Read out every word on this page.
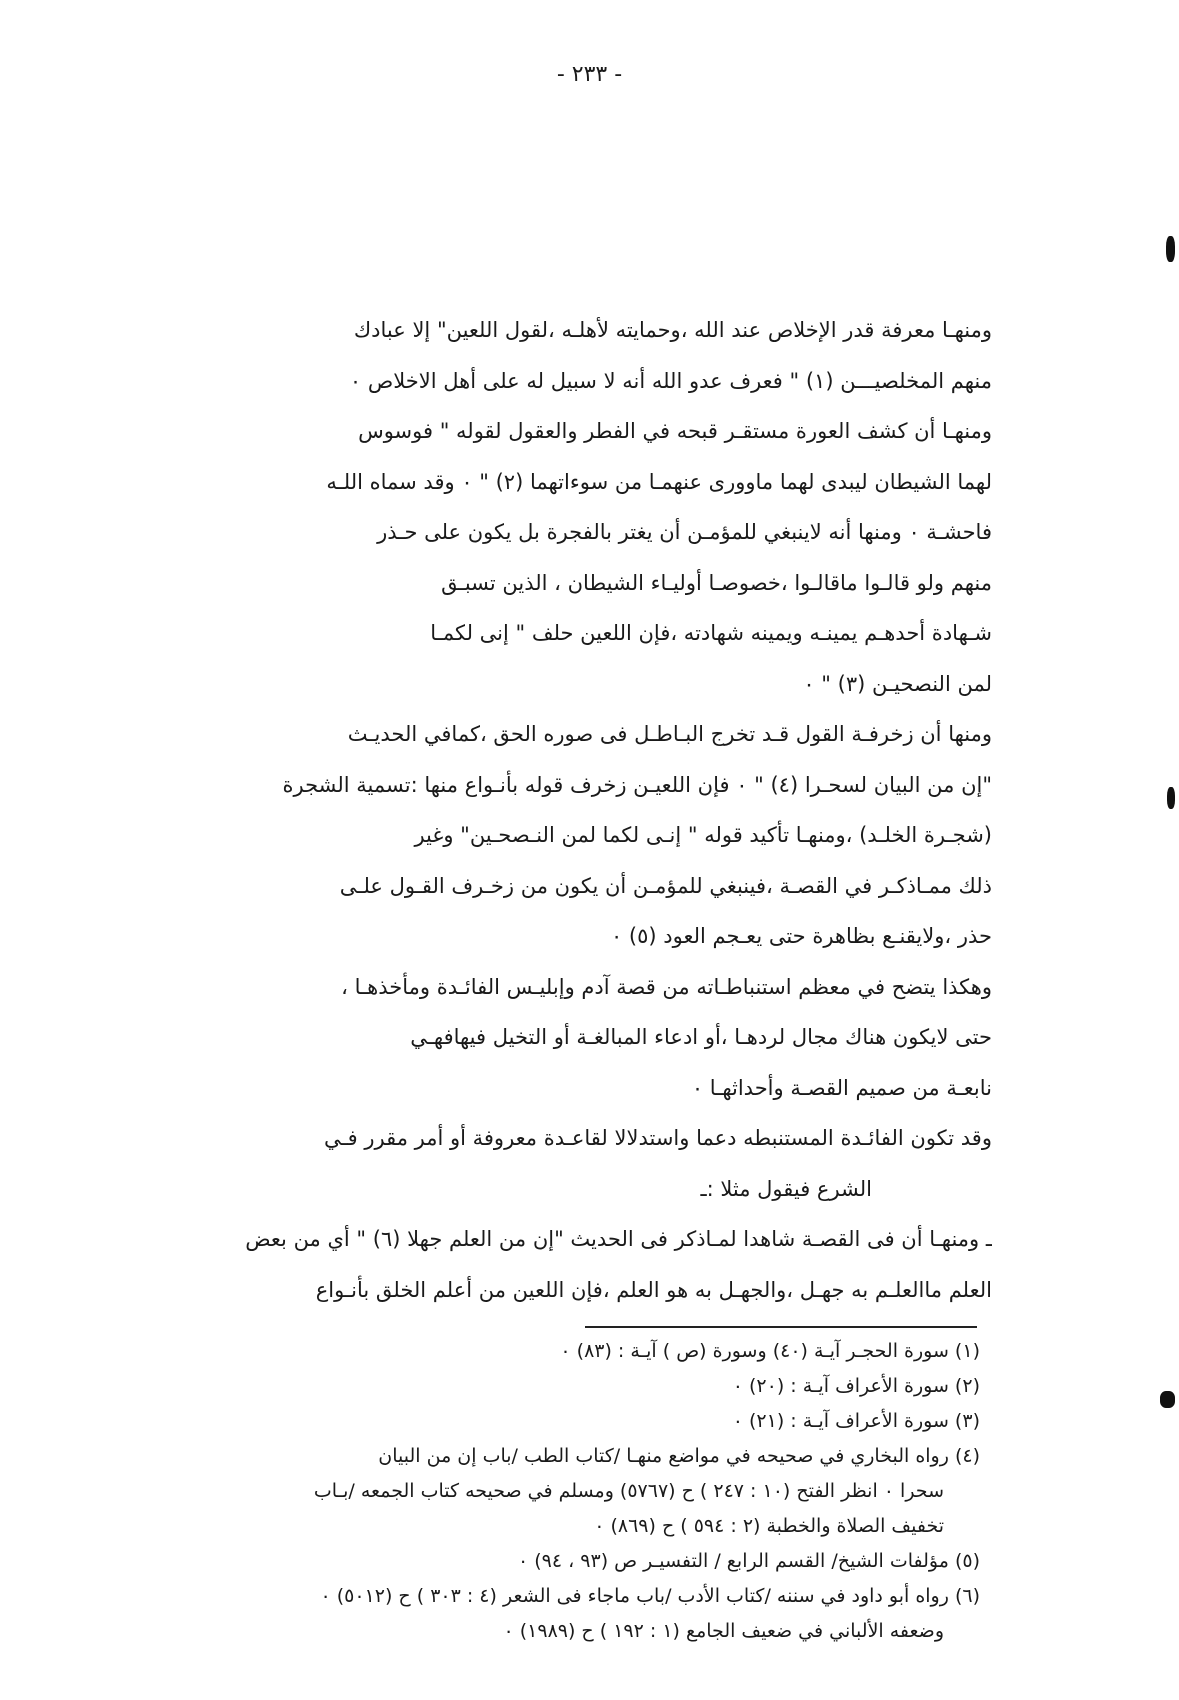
- ٢٣٣ -
ومنهـا معرفة قدر الإخلاص عند الله ،وحمايته لأهلـه ،لقول اللعين" إلا عبادك
منهم المخلصيـــن (١) " فعرف عدو الله أنه لا سبيل له على أهل الاخلاص ٠
ومنهـا أن كشف العورة مستقـر قبحه في الفطر والعقول لقوله " فوسوس
لهما الشيطان ليبدى لهما ماوورى عنهمـا من سوءاتهما (٢) " ٠ وقد سماه اللـه
فاحشـة ٠ ومنها أنه لاينبغي للمؤمـن أن يغتر بالفجرة بل يكون على حـذر
منهم ولو قالـوا ماقالـوا ،خصوصـا أوليـاء الشيطان ، الذين تسبـق
شـهادة أحدهـم يمينـه ويمينه شهادته ،فإن اللعين حلف " إنى لكمـا
لمن النصحيـن (٣) " ٠
ومنها أن زخرفـة القول قـد تخرج البـاطـل فى صوره الحق ،كمافي الحديـث
"إن من البيان لسحـرا (٤) " ٠ فإن اللعيـن زخرف قوله بأنـواع منها :تسمية الشجرة
(شجـرة الخلـد) ،ومنهـا تأكيد قوله " إنـى لكما لمن النـصحـين" وغير
ذلك ممـاذكـر في القصـة ،فينبغي للمؤمـن أن يكون من زخـرف القـول علـى
حذر ،ولايقنـع بظاهرة حتى يعـجم العود (٥) ٠
وهكذا يتضح في معظم استنباطـاته من قصة آدم وإبليـس الفائـدة ومأخذهـا ،
حتى لايكون هناك مجال لردهـا ،أو ادعاء المبالغـة أو التخيل فيهافهـي
نابعـة من صميم القصـة وأحداثهـا ٠
وقد تكون الفائـدة المستنبطه دعما واستدلالا لقاعـدة معروفة أو أمر مقرر فـي
الشرع فيقول مثلا :ـ
ـ ومنهـا أن فى القصـة شاهدا لمـاذكر فى الحديث "إن من العلم جهلا (٦) " أي من بعض
العلم ماالعلـم به جهـل ،والجهـل به هو العلم ،فإن اللعين من أعلم الخلق بأنـواع
(١) سورة الحجـر آيـة (٤٠) وسورة (ص ) آيـة : (٨٣) ٠
(٢) سورة الأعراف آيـة : (٢٠) ٠
(٣) سورة الأعراف آيـة : (٢١) ٠
(٤) رواه البخاري في صحيحه في مواضع منهـا /كتاب الطب /باب إن من البيان
سحرا ٠ انظر الفتح (١٠ : ٢٤٧ ) ح (٥٧٦٧) ومسلم في صحيحه كتاب الجمعه /بـاب
تخفيف الصلاة والخطبة (٢ : ٥٩٤ ) ح (٨٦٩) ٠
(٥) مؤلفات الشيخ/ القسم الرابع / التفسيـر ص (٩٣ ، ٩٤) ٠
(٦) رواه أبو داود في سننه /كتاب الأدب /باب ماجاء فى الشعر (٤ : ٣٠٣ ) ح (٥٠١٢) ٠
وضعفه الألباني في ضعيف الجامع (١ : ١٩٢ ) ح (١٩٨٩) ٠
